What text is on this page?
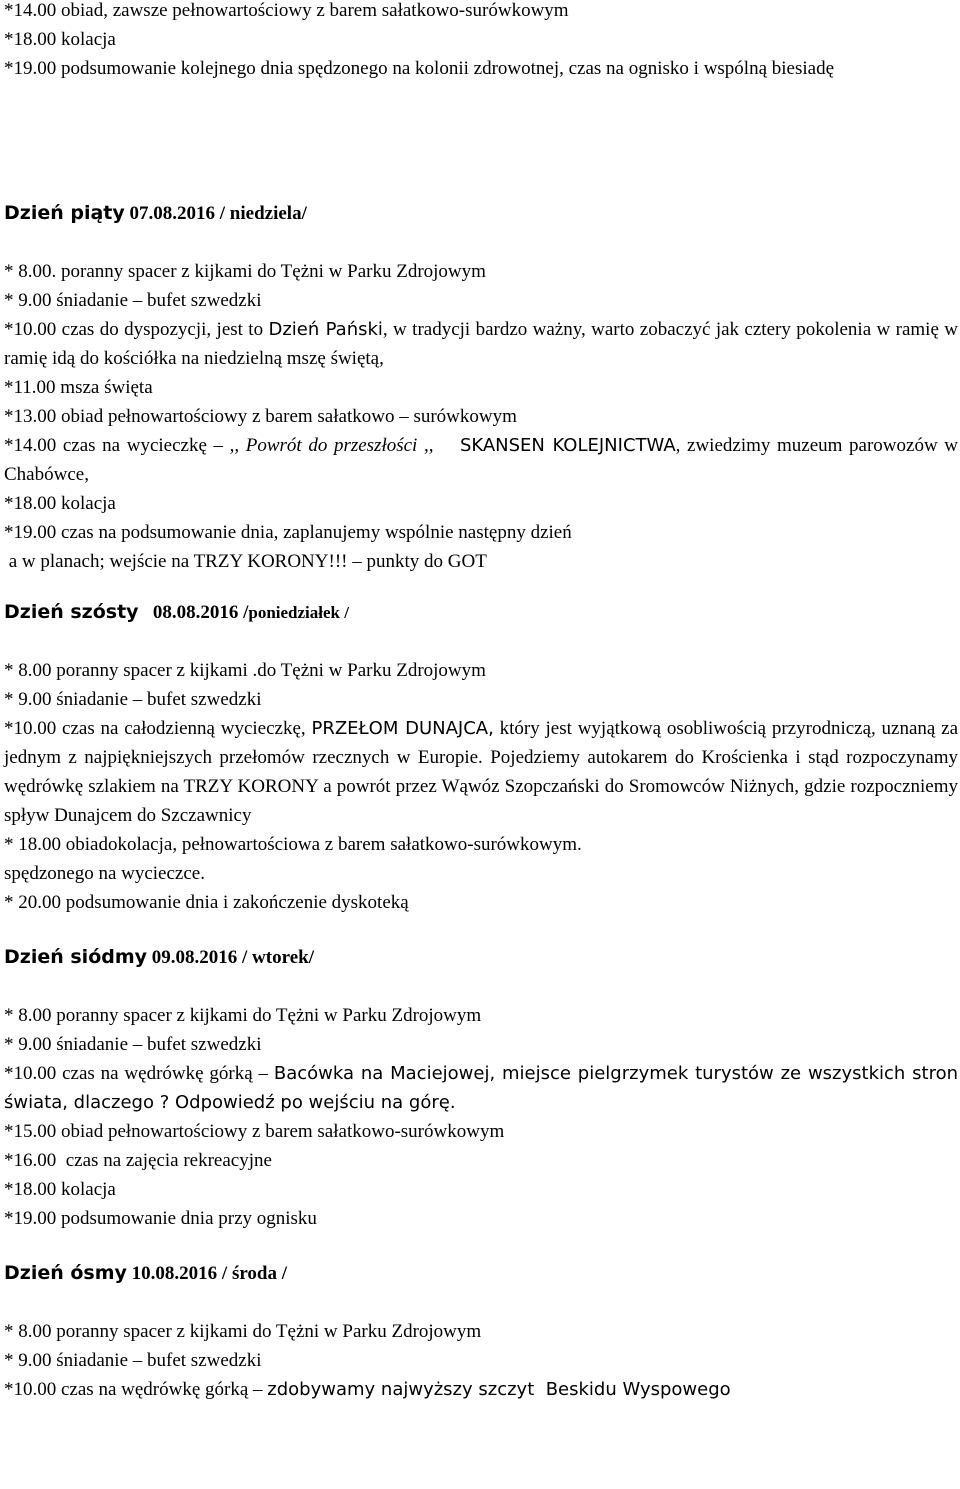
*14.00 obiad, zawsze pełnowartościowy z barem sałatkowo-surówkowym
*18.00 kolacja
*19.00 podsumowanie kolejnego dnia spędzonego na kolonii zdrowotnej, czas na ognisko i wspólną biesiadę
Dzień piąty 07.08.2016 / niedziela/
* 8.00. poranny spacer z kijkami do Tężni w Parku Zdrojowym
* 9.00 śniadanie – bufet szwedzki
*10.00 czas do dyspozycji, jest to Dzień Pański, w tradycji bardzo ważny, warto zobaczyć jak cztery pokolenia w ramię w ramię idą do kościółka na niedzielną mszę świętą,
*11.00 msza święta
*13.00 obiad pełnowartościowy z barem sałatkowo – surówkowym
*14.00 czas na wycieczkę – ,, Powrót do przeszłości ,, SKANSEN KOLEJNICTWA, zwiedzimy muzeum parowozów w Chabówce,
*18.00 kolacja
*19.00 czas na podsumowanie dnia, zaplanujemy wspólnie następny dzień
a w planach; wejście na TRZY KORONY!!! – punkty do GOT
Dzień szósty 08.08.2016 /poniedziałek /
* 8.00 poranny spacer z kijkami .do Tężni w Parku Zdrojowym
* 9.00 śniadanie – bufet szwedzki
*10.00 czas na całodzienną wycieczkę, PRZEŁOM DUNAJCA, który jest wyjątkową osobliwością przyrodniczą, uznaną za jednym z najpiękniejszych przełomów rzecznych w Europie. Pojedziemy autokarem do Krościenka i stąd rozpoczynamy wędrówkę szlakiem na TRZY KORONY a powrót przez Wąwóz Szopczański do Sromowców Niżnych, gdzie rozpoczniemy spływ Dunajcem do Szczawnicy
* 18.00 obiadokolacja, pełnowartościowa z barem sałatkowo-surówkowym.
spędzonego na wycieczce.
* 20.00 podsumowanie dnia i zakończenie dyskoteką
Dzień siódmy 09.08.2016 / wtorek/
* 8.00 poranny spacer z kijkami do Tężni w Parku Zdrojowym
* 9.00 śniadanie – bufet szwedzki
*10.00 czas na wędrówkę górką – Bacówka na Maciejowej, miejsce pielgrzymek turystów ze wszystkich stron świata, dlaczego ? Odpowiedź po wejściu na górę.
*15.00 obiad pełnowartościowy z barem sałatkowo-surówkowym
*16.00  czas na zajęcia rekreacyjne
*18.00 kolacja
*19.00 podsumowanie dnia przy ognisku
Dzień ósmy 10.08.2016 / środa /
* 8.00 poranny spacer z kijkami do Tężni w Parku Zdrojowym
* 9.00 śniadanie – bufet szwedzki
*10.00 czas na wędrówkę górką – zdobywamy najwyższy szczyt  Beskidu Wyspowego
